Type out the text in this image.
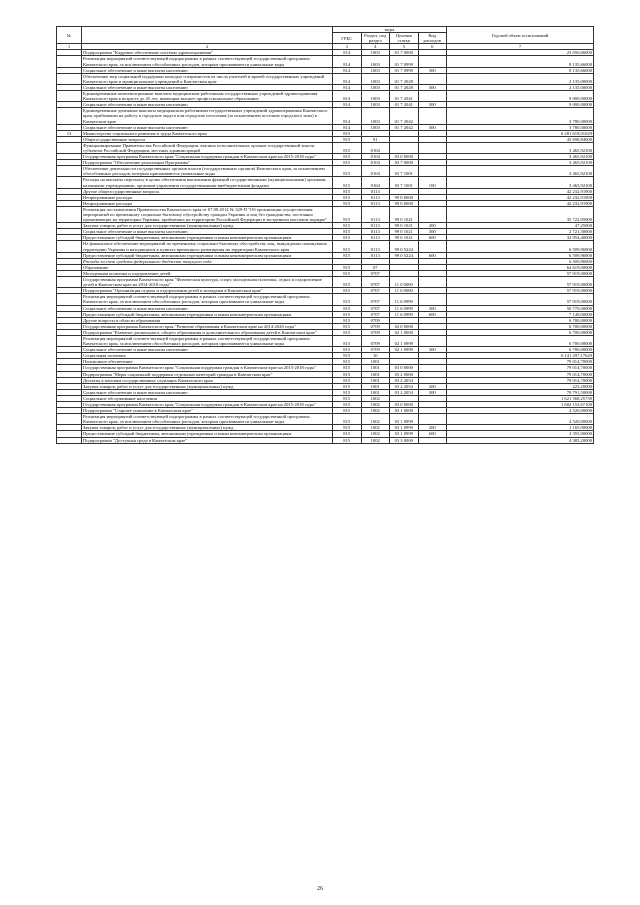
№		коды				Годовой объем ассигнований
		ГРБС	Раздел, под раздел	Целевая статья	Вид расходов	
1	2	3	4	5	6	7
	Подпрограмма "Кадровое обеспечение системы здравоохранения"	814	1003	01 7 0000		23 050,66000
	Реализация мероприятий соответствующей подпрограммы в рамках соответствующей государственной программы Камчатского края, за исключением обособленных расходов, которым присваиваются уникальные коды	814	1003	01 7 0999		8 135,66000
	Социальное обеспечение и иные выплаты населению	814	1003	01 7 0999	300	8 135,66000
	Обеспечение мер социальной поддержки молодых специалистов из числа учителей и врачей государственных учреждений Камчатского края и муниципальных учреждений в Камчатском крае	814	1003	01 7 2028		2 135,00000
	Социальное обеспечение и иные выплаты населению	814	1003	01 7 2028	300	2 135,00000
	Единовременные компенсационные выплаты медицинским работникам государственных учреждений здравоохранения Камчатского края в возрасте до 45 лет, имеющим высшее профессиональное образование	814	1003	01 7 2041		9 000,00000
	Социальное обеспечение и иные выплаты населению	814	1003	01 7 2041	300	9 000,00000
	Единовременные денежные выплаты медицинским работникам государственных учреждений здравоохранения Камчатского края, прибывшим на работу в городские округа или городские поселения (за исключением поселков городского типа) в Камчатском крае	814	1003	01 7 2042		3 780,00000
	Социальное обеспечение и иные выплаты населению	814	1003	01 7 2042	300	3 780,00000
13	Министерство социального развития и труда Камчатского края	815				6 281 618,01629
	Общегосударственные вопросы	815	01			45 698,84000
	Функционирование Правительства Российской Федерации, высших исполнительных органов государственной власти субъектов Российской Федерации, местных администраций	815	0104			3 465,92100
	Государственная программа Камчатского края "Социальная поддержка граждан в Камчатском крае на 2015-2018 годы"	815	0104	03 0 0000		3 465,92100
	Подпрограмма "Обеспечение реализации Программы"	815	0104	03 7 0000		3 465,92100
	Обеспечение деятельности государственных органов власти (государственных органов) Камчатского края, за исключением обособленных расходов, которым присваиваются уникальные коды	815	0104	03 7 1001		3 465,92100
	Расходы на выплаты персоналу в целях обеспечения выполнения функций государственными (муниципальными) органами, казенными учреждениями, органами управления государственными внебюджетными фондами	815	0104	03 7 1001	100	3 465,92100
	Другие общегосударственные вопросы	815	0113			42 232,91900
	Непрограммные расходы	815	0113	99 0 0000		42 232,91900
	Непрограммные расходы	815	0113	99 0 0000		42 232,91900
	Реализация постановления Правительства Камчатского края от 07.08.2014 № 329-П "Об организации осуществления мероприятий по временному социально-бытовому обустройству граждан Украины и лиц без гражданства, постоянно проживающих на территории Украины, прибывших на территорию Российской Федерации в экстренном массовом порядке"	815	0113	99 0 1021		35 722,95000
	Закупка товаров, работ и услуг для государственных (муниципальных) нужд	815	0113	99 0 1021	200	47,25000
	Социальное обеспечение и иные выплаты населению	815	0113	99 0 1021	300	2 721,30000
	Предоставление субсидий бюджетным, автономным учреждениям и иным некоммерческим организациям	815	0113	99 0 1021	600	32 954,40000
	На финансовое обеспечение мероприятий по временному социально-бытовому обустройству лиц, вынужденно покинувших территорию Украины и находящихся в пунктах временного размещения на территории Камчатского края	815	0113	99 0 5224		6 509,96900
	Предоставление субсидий бюджетным, автономным учреждениям и иным некоммерческим организациям	815	0113	99 0 5224	600	6 509,96900
	Расходы за счет средств федерального бюджета текущего года					6 509,96900
	Образование	815	07			64 619,00000
	Молодежная политика и оздоровление детей	815	0707			57 919,00000
	Государственная программа Камчатского края "Физическая культура, спорт, молодежная политика, отдых и оздоровление детей в Камчатском крае на 2014-2018 годы"	815	0707	11 0 0000		57 919,00000
	Подпрограмма "Организация отдыха и оздоровления детей и молодежи в Камчатском крае"	815	0707	11 6 0000		57 919,00000
	Реализация мероприятий соответствующей подпрограммы в рамках соответствующей государственной программы Камчатского края, за исключением обособленных расходов, которым присваиваются уникальные коды	815	0707	11 6 0999		57 919,00000
	Социальное обеспечение и иные выплаты населению	815	0707	11 6 0999	300	50 770,00000
	Предоставление субсидий бюджетным, автономным учреждениям и иным некоммерческим организациям	815	0707	11 6 0999	600	7 149,00000
	Другие вопросы в области образования	815	0709			6 700,00000
	Государственная программа Камчатского края "Развитие образования в Камчатском крае на 2014-2020 годы"	815	0709	02 0 0000		6 700,00000
	Подпрограмма "Развитие дошкольного, общего образования и дополнительного образования детей в Камчатском крае"	815	0709	02 1 0000		6 700,00000
	Реализация мероприятий соответствующей подпрограммы в рамках соответствующей государственной программы Камчатского края, за исключением обособленных расходов, которым присваиваются уникальные коды	815	0709	02 1 0999		6 700,00000
	Социальное обеспечение и иные выплаты населению	815	0709	02 1 0999	300	6 700,00000
	Социальная политика	815	10			6 141 297,17629
	Пенсионное обеспечение	815	1001			79 014,70000
	Государственная программа Камчатского края "Социальная поддержка граждан в Камчатском крае на 2015-2018 годы"	815	1001	03 0 0000		79 014,70000
	Подпрограмма "Меры социальной поддержки отдельных категорий граждан в Камчатском крае"	815	1001	03 2 0000		79 014,70000
	Доплаты к пенсиям государственных служащих Камчатского края	815	1001	03 2 2054		79 014,70000
	Закупка товаров, работ и услуг для государственных (муниципальных) нужд	815	1001	03 2 2054	200	223,20000
	Социальное обеспечение и иные выплаты населению	815	1001	03 2 2054	300	78 791,50000
	Социальное обслуживание населения	815	1002			1 621 568,25739
	Государственная программа Камчатского края "Социальная поддержка граждан в Камчатском крае на 2015-2018 годы"	815	1002	03 0 0000		1 602 152,67100
	Подпрограмма "Старшее поколение в Камчатском крае"	815	1002	03 1 0000		4 520,00000
	Реализация мероприятий соответствующей подпрограммы в рамках соответствующей государственной программы Камчатского края, за исключением обособленных расходов, которым присваиваются уникальные коды	815	1002	03 1 0999		4 520,00000
	Закупка товаров, работ и услуг для государственных (муниципальных) нужд	815	1002	03 1 0999	200	1 165,00000
	Предоставление субсидий бюджетным, автономным учреждениям и иным некоммерческим организациям	815	1002	03 1 0999	600	3 355,00000
	Подпрограмма "Доступная среда в Камчатском крае"	815	1002	03 3 0000		4 383,20000
26
